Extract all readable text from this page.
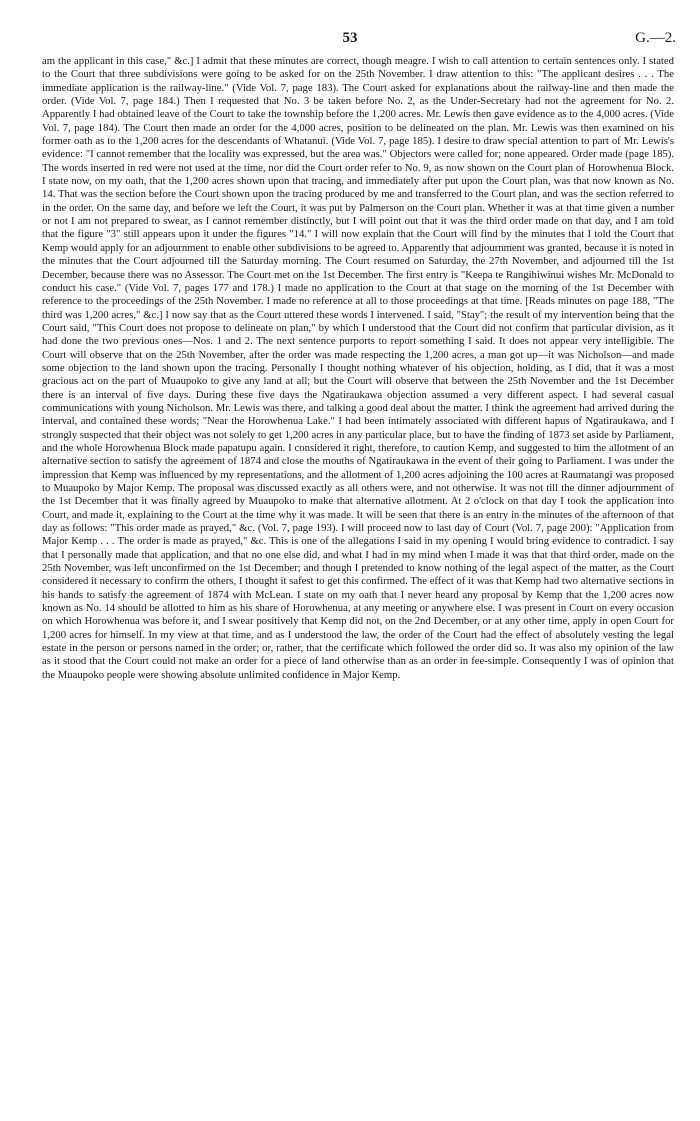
53	G.—2.

am the applicant in this case," &c.] I admit that these minutes are correct, though meagre. I wish to call attention to certain sentences only. I stated to the Court that three subdivisions were going to be asked for on the 25th November. I draw attention to this: "The applicant desires . . . The immediate application is the railway-line." (Vide Vol. 7, page 183). The Court asked for explanations about the railway-line and then made the order. (Vide Vol. 7, page 184.) Then I requested that No. 3 be taken before No. 2, as the Under-Secretary had not the agreement for No. 2. Apparently I had obtained leave of the Court to take the township before the 1,200 acres. Mr. Lewis then gave evidence as to the 4,000 acres. (Vide Vol. 7, page 184). The Court then made an order for the 4,000 acres, position to be delineated on the plan. Mr. Lewis was then examined on his former oath as to the 1,200 acres for the descendants of Whatanui. (Vide Vol. 7, page 185). I desire to draw special attention to part of Mr. Lewis's evidence: "I cannot remember that the locality was expressed, but the area was." Objectors were called for; none appeared. Order made (page 185). The words inserted in red were not used at the time, nor did the Court order refer to No. 9, as now shown on the Court plan of Horowhenua Block. I state now, on my oath, that the 1,200 acres shown upon that tracing, and immediately after put upon the Court plan, was that now known as No. 14. That was the section before the Court shown upon the tracing produced by me and transferred to the Court plan, and was the section referred to in the order. On the same day, and before we left the Court, it was put by Palmerson on the Court plan. Whether it was at that time given a number or not I am not prepared to swear, as I cannot remember distinctly, but I will point out that it was the third order made on that day, and I am told that the figure "3" still appears upon it under the figures "14." I will now explain that the Court will find by the minutes that I told the Court that Kemp would apply for an adjournment to enable other subdivisions to be agreed to. Apparently that adjournment was granted, because it is noted in the minutes that the Court adjourned till the Saturday morning. The Court resumed on Saturday, the 27th November, and adjourned till the 1st December, because there was no Assessor. The Court met on the 1st December. The first entry is "Keepa te Rangihiwinui wishes Mr. McDonald to conduct his case." (Vide Vol. 7, pages 177 and 178.) I made no application to the Court at that stage on the morning of the 1st December with reference to the proceedings of the 25th November. I made no reference at all to those proceedings at that time. [Reads minutes on page 188, "The third was 1,200 acres," &c.] I now say that as the Court uttered these words I intervened. I said, "Stay"; the result of my intervention being that the Court said, "This Court does not propose to delineate on plan," by which I understood that the Court did not confirm that particular division, as it had done the two previous ones—Nos. 1 and 2. The next sentence purports to report something I said. It does not appear very intelligible. The Court will observe that on the 25th November, after the order was made respecting the 1,200 acres, a man got up—it was Nicholson—and made some objection to the land shown upon the tracing. Personally I thought nothing whatever of his objection, holding, as I did, that it was a most gracious act on the part of Muaupoko to give any land at all; but the Court will observe that between the 25th November and the 1st December there is an interval of five days. During these five days the Ngatiraukawa objection assumed a very different aspect. I had several casual communications with young Nicholson. Mr. Lewis was there, and talking a good deal about the matter. I think the agreement had arrived during the interval, and contained these words; "Near the Horowhenua Lake." I had been intimately associated with different hapus of Ngatiraukawa, and I strongly suspected that their object was not solely to get 1,200 acres in any particular place, but to have the finding of 1873 set aside by Parliament, and the whole Horowhenua Block made papatupu again. I considered it right, therefore, to caution Kemp, and suggested to him the allotment of an alternative section to satisfy the agreement of 1874 and close the mouths of Ngatiraukawa in the event of their going to Parliament. I was under the impression that Kemp was influenced by my representations, and the allotment of 1,200 acres adjoining the 100 acres at Raumatangi was proposed to Muaupoko by Major Kemp. The proposal was discussed exactly as all others were, and not otherwise. It was not till the dinner adjournment of the 1st December that it was finally agreed by Muaupoko to make that alternative allotment. At 2 o'clock on that day I took the application into Court, and made it, explaining to the Court at the time why it was made. It will be seen that there is an entry in the minutes of the afternoon of that day as follows: "This order made as prayed," &c. (Vol. 7, page 193). I will proceed now to last day of Court (Vol. 7, page 200): "Application from Major Kemp . . . The order is made as prayed," &c. This is one of the allegations I said in my opening I would bring evidence to contradict. I say that I personally made that application, and that no one else did, and what I had in my mind when I made it was that that third order, made on the 25th November, was left unconfirmed on the 1st December; and though I pretended to know nothing of the legal aspect of the matter, as the Court considered it necessary to confirm the others, I thought it safest to get this confirmed. The effect of it was that Kemp had two alternative sections in his hands to satisfy the agreement of 1874 with McLean. I state on my oath that I never heard any proposal by Kemp that the 1,200 acres now known as No. 14 should be allotted to him as his share of Horowhenua, at any meeting or anywhere else. I was present in Court on every occasion on which Horowhenua was before it, and I swear positively that Kemp did not, on the 2nd December, or at any other time, apply in open Court for 1,200 acres for himself. In my view at that time, and as I understood the law, the order of the Court had the effect of absolutely vesting the legal estate in the person or persons named in the order; or, rather, that the certificate which followed the order did so. It was also my opinion of the law as it stood that the Court could not make an order for a piece of land otherwise than as an order in fee-simple. Consequently I was of opinion that the Muaupoko people were showing absolute unlimited confidence in Major Kemp.
